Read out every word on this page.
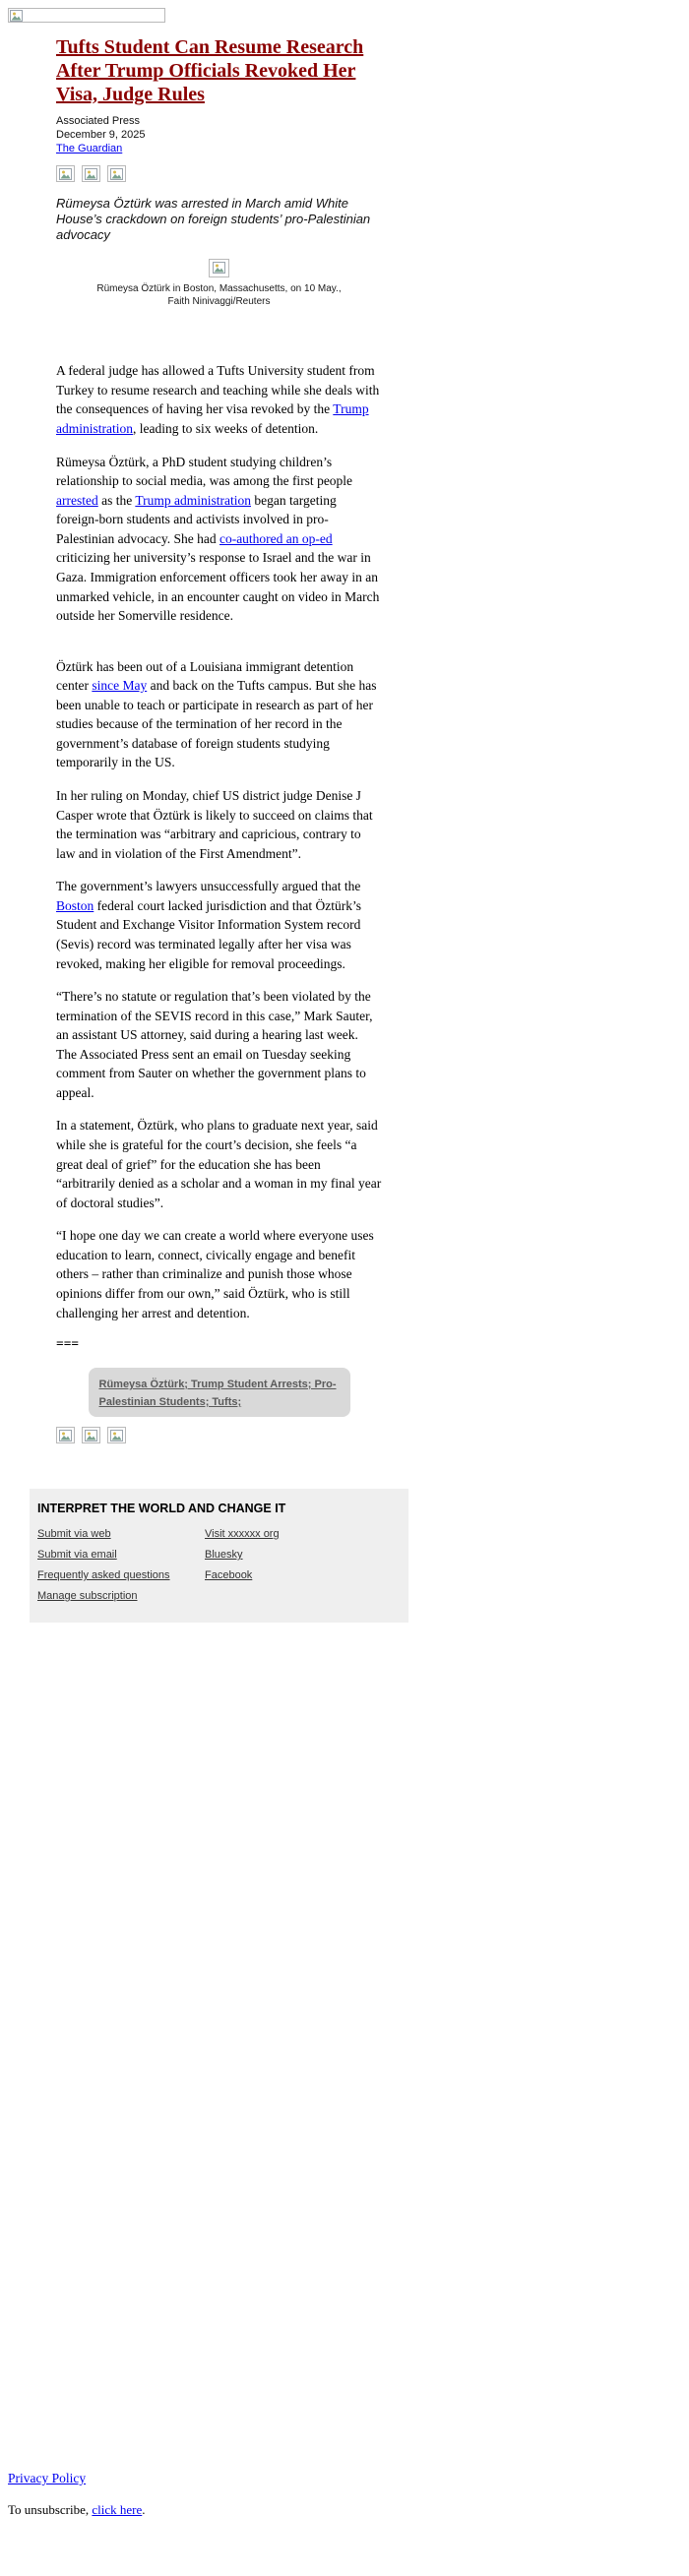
Tufts Student Can Resume Research After Trump Officials Revoked Her Visa, Judge Rules
Associated Press
December 9, 2025
The Guardian

Rümeysa Öztürk was arrested in March amid White House’s crackdown on foreign students’ pro-Palestinian advocacy

Rümeysa Öztürk in Boston, Massachusetts, on 10 May., Faith Ninivaggi/Reuters

A federal judge has allowed a Tufts University student from Turkey to resume research and teaching while she deals with the consequences of having her visa revoked by the Trump administration, leading to six weeks of detention.

Rümeysa Öztürk, a PhD student studying children’s relationship to social media, was among the first people arrested as the Trump administration began targeting foreign-born students and activists involved in pro-Palestinian advocacy. She had co-authored an op-ed criticizing her university’s response to Israel and the war in Gaza. Immigration enforcement officers took her away in an unmarked vehicle, in an encounter caught on video in March outside her Somerville residence.

Öztürk has been out of a Louisiana immigrant detention center since May and back on the Tufts campus. But she has been unable to teach or participate in research as part of her studies because of the termination of her record in the government’s database of foreign students studying temporarily in the US.

In her ruling on Monday, chief US district judge Denise J Casper wrote that Öztürk is likely to succeed on claims that the termination was “arbitrary and capricious, contrary to law and in violation of the First Amendment”.

The government’s lawyers unsuccessfully argued that the Boston federal court lacked jurisdiction and that Öztürk’s Student and Exchange Visitor Information System record (Sevis) record was terminated legally after her visa was revoked, making her eligible for removal proceedings.

“There’s no statute or regulation that’s been violated by the termination of the SEVIS record in this case,” Mark Sauter, an assistant US attorney, said during a hearing last week. The Associated Press sent an email on Tuesday seeking comment from Sauter on whether the government plans to appeal.

In a statement, Öztürk, who plans to graduate next year, said while she is grateful for the court’s decision, she feels “a great deal of grief” for the education she has been “arbitrarily denied as a scholar and a woman in my final year of doctoral studies”.

“I hope one day we can create a world where everyone uses education to learn, connect, civically engage and benefit others – rather than criminalize and punish those whose opinions differ from our own,” said Öztürk, who is still challenging her arrest and detention.

===

Rümeysa Öztürk; Trump Student Arrests; Pro-Palestinian Students; Tufts;
INTERPRET THE WORLD AND CHANGE IT
Submit via web
Submit via email
Frequently asked questions
Manage subscription
Visit xxxxxx org
Bluesky
Facebook
Privacy Policy
To unsubscribe, click here.
